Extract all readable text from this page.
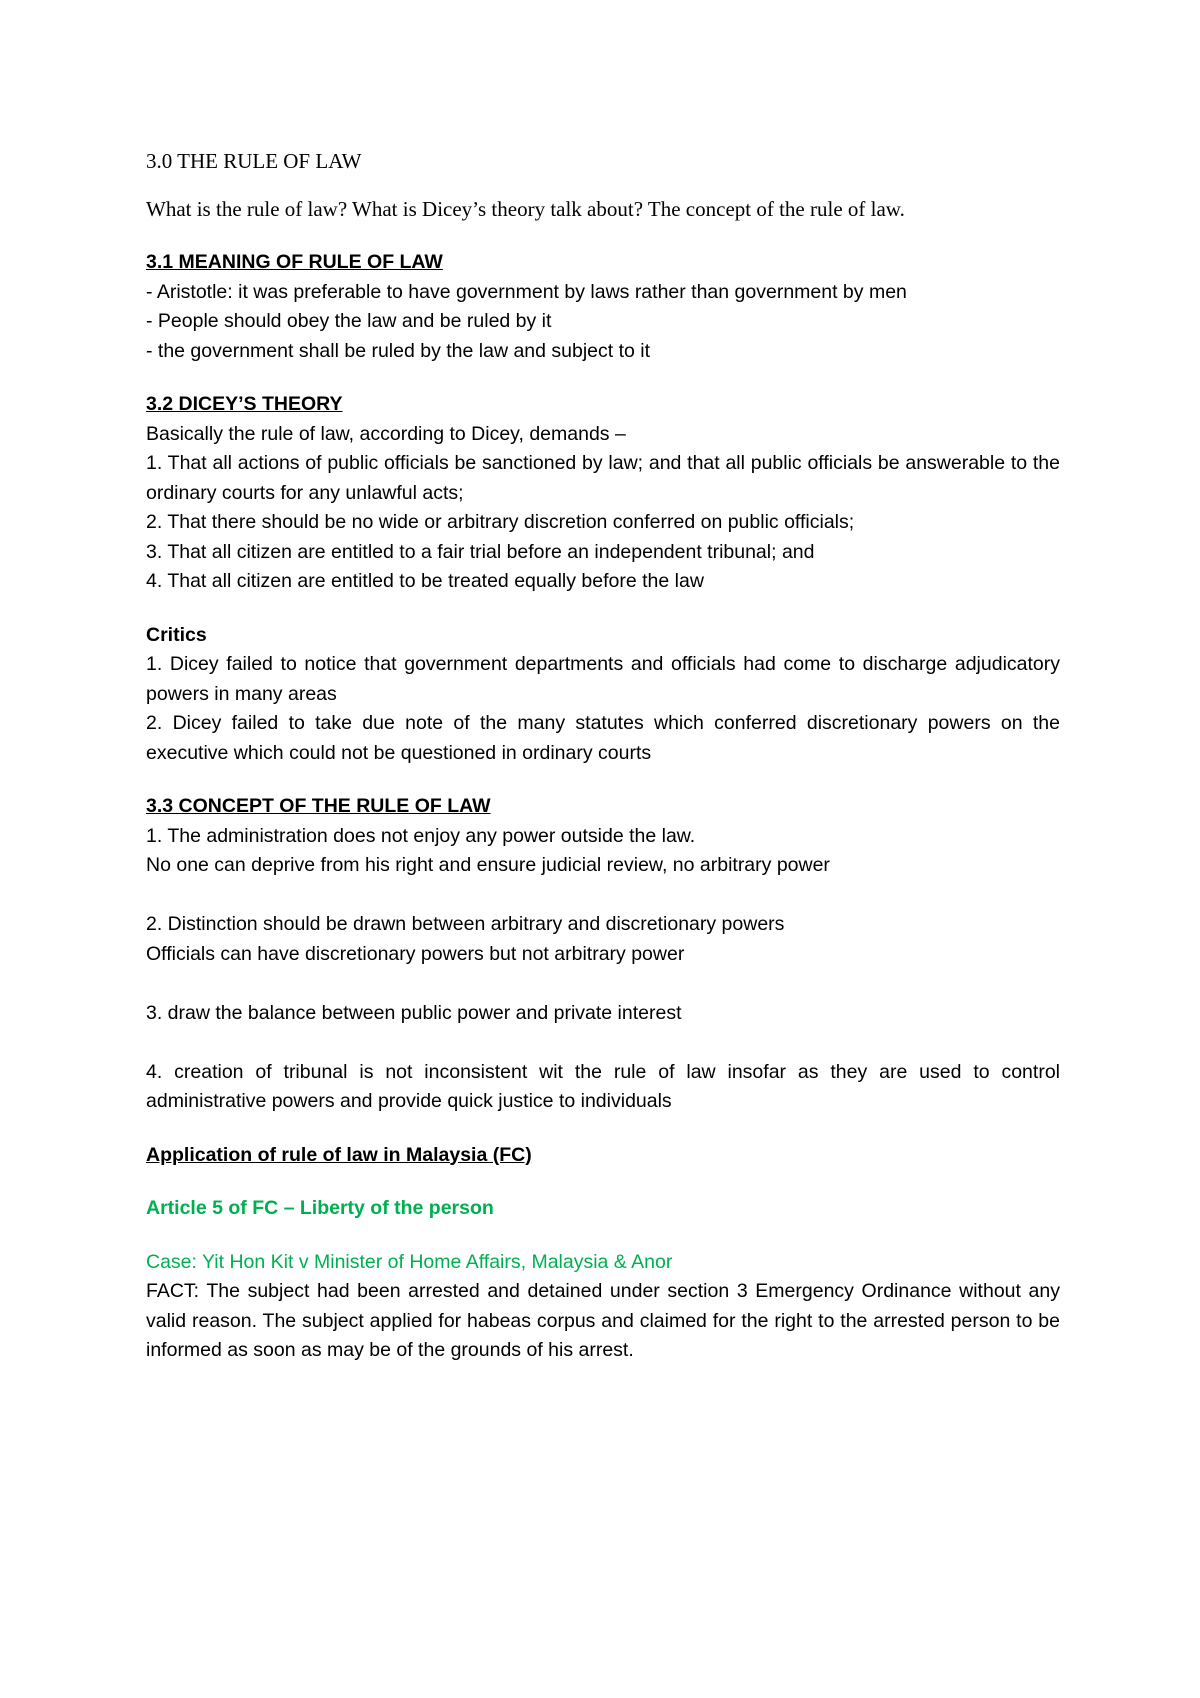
3.0 THE RULE OF LAW

What is the rule of law? What is Dicey’s theory talk about? The concept of the rule of law.

3.1 MEANING OF RULE OF LAW

- Aristotle: it was preferable to have government by laws rather than government by men

- People should obey the law and be ruled by it

- the government shall be ruled by the law and subject to it

3.2 DICEY’S THEORY

Basically the rule of law, according to Dicey, demands –

1. That all actions of public officials be sanctioned by law; and that all public officials be answerable to the ordinary courts for any unlawful acts;

2. That there should be no wide or arbitrary discretion conferred on public officials;

3. That all citizen are entitled to a fair trial before an independent tribunal; and

4. That all citizen are entitled to be treated equally before the law

Critics

1. Dicey failed to notice that government departments and officials had come to discharge adjudicatory powers in many areas

2. Dicey failed to take due note of the many statutes which conferred discretionary powers on the executive which could not be questioned in ordinary courts

3.3 CONCEPT OF THE RULE OF LAW

1. The administration does not enjoy any power outside the law.

No one can deprive from his right and ensure judicial review, no arbitrary power

2. Distinction should be drawn between arbitrary and discretionary powers

Officials can have discretionary powers but not arbitrary power

3. draw the balance between public power and private interest

4. creation of tribunal is not inconsistent wit the rule of law insofar as they are used to control administrative powers and provide quick justice to individuals

Application of rule of law in Malaysia (FC)

Article 5 of FC – Liberty of the person

Case: Yit Hon Kit v Minister of Home Affairs, Malaysia & Anor

FACT: The subject had been arrested and detained under section 3 Emergency Ordinance without any valid reason. The subject applied for habeas corpus and claimed for the right to the arrested person to be informed as soon as may be of the grounds of his arrest.
